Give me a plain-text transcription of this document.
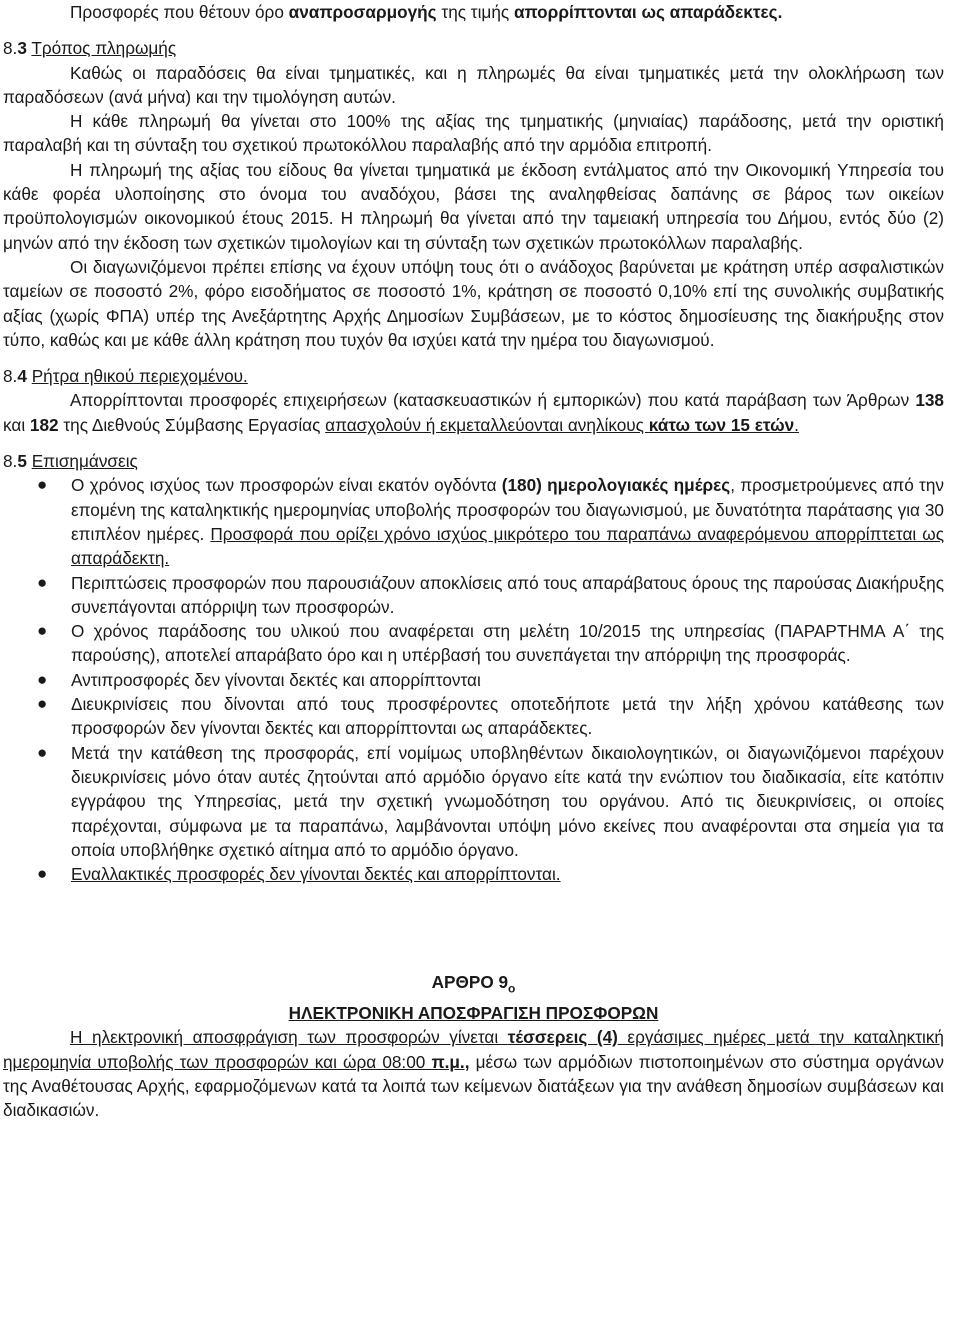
Προσφορές που θέτουν όρο αναπροσαρμογής της τιμής απορρίπτονται ως απαράδεκτες.

8.3 Τρόπος πληρωμής

Καθώς οι παραδόσεις θα είναι τμηματικές, και η πληρωμές θα είναι τμηματικές μετά την ολοκλήρωση των παραδόσεων (ανά μήνα) και την τιμολόγηση αυτών.

Η κάθε πληρωμή θα γίνεται στο 100% της αξίας της τμηματικής (μηνιαίας) παράδοσης, μετά την οριστική παραλαβή και τη σύνταξη του σχετικού πρωτοκόλλου παραλαβής από την αρμόδια επιτροπή.

Η πληρωμή της αξίας του είδους θα γίνεται τμηματικά με έκδοση εντάλματος από την Οικονομική Υπηρεσία του κάθε φορέα υλοποίησης στο όνομα του αναδόχου, βάσει της αναληφθείσας δαπάνης σε βάρος των οικείων προϋπολογισμών οικονομικού έτους 2015. Η πληρωμή θα γίνεται από την ταμειακή υπηρεσία του Δήμου, εντός δύο (2) μηνών από την έκδοση των σχετικών τιμολογίων και τη σύνταξη των σχετικών πρωτοκόλλων παραλαβής.

Οι διαγωνιζόμενοι πρέπει επίσης να έχουν υπόψη τους ότι ο ανάδοχος βαρύνεται με κράτηση υπέρ ασφαλιστικών ταμείων σε ποσοστό 2%, φόρο εισοδήματος σε ποσοστό 1%, κράτηση σε ποσοστό 0,10% επί της συνολικής συμβατικής αξίας (χωρίς ΦΠΑ) υπέρ της Ανεξάρτητης Αρχής Δημοσίων Συμβάσεων, με το κόστος δημοσίευσης της διακήρυξης στον τύπο, καθώς και με κάθε άλλη κράτηση που τυχόν θα ισχύει κατά την ημέρα του διαγωνισμού.

8.4 Ρήτρα ηθικού περιεχομένου.

Απορρίπτονται προσφορές επιχειρήσεων (κατασκευαστικών ή εμπορικών) που κατά παράβαση των Άρθρων 138 και 182 της Διεθνούς Σύμβασης Εργασίας απασχολούν ή εκμεταλλεύονται ανηλίκους κάτω των 15 ετών.

8.5 Επισημάνσεις

● Ο χρόνος ισχύος των προσφορών είναι εκατόν ογδόντα (180) ημερολογιακές ημέρες, προσμετρούμενες από την επομένη της καταληκτικής ημερομηνίας υποβολής προσφορών του διαγωνισμού, με δυνατότητα παράτασης για 30 επιπλέον ημέρες. Προσφορά που ορίζει χρόνο ισχύος μικρότερο του παραπάνω αναφερόμενου απορρίπτεται ως απαράδεκτη.
● Περιπτώσεις προσφορών που παρουσιάζουν αποκλίσεις από τους απαράβατους όρους της παρούσας Διακήρυξης συνεπάγονται απόρριψη των προσφορών.
● Ο χρόνος παράδοσης του υλικού που αναφέρεται στη μελέτη 10/2015 της υπηρεσίας (ΠΑΡΑΡΤΗΜΑ Α΄ της παρούσης), αποτελεί απαράβατο όρο και η υπέρβασή του συνεπάγεται την απόρριψη της προσφοράς.
● Αντιπροσφορές δεν γίνονται δεκτές και απορρίπτονται
● Διευκρινίσεις που δίνονται από τους προσφέροντες οποτεδήποτε μετά την λήξη χρόνου κατάθεσης των προσφορών δεν γίνονται δεκτές και απορρίπτονται ως απαράδεκτες.
● Μετά την κατάθεση της προσφοράς, επί νομίμως υποβληθέντων δικαιολογητικών, οι διαγωνιζόμενοι παρέχουν διευκρινίσεις μόνο όταν αυτές ζητούνται από αρμόδιο όργανο είτε κατά την ενώπιον του διαδικασία, είτε κατόπιν εγγράφου της Υπηρεσίας, μετά την σχετική γνωμοδότηση του οργάνου. Από τις διευκρινίσεις, οι οποίες παρέχονται, σύμφωνα με τα παραπάνω, λαμβάνονται υπόψη μόνο εκείνες που αναφέρονται στα σημεία για τα οποία υποβλήθηκε σχετικό αίτημα από το αρμόδιο όργανο.
● Εναλλακτικές προσφορές δεν γίνονται δεκτές και απορρίπτονται.

ΑΡΘΡΟ $9_o$

ΗΛΕΚΤΡΟΝΙΚΗ ΑΠΟΣΦΡΑΓΙΣΗ ΠΡΟΣΦΟΡΩΝ

Η ηλεκτρονική αποσφράγιση των προσφορών γίνεται τέσσερεις (4) εργάσιμες ημέρες μετά την καταληκτική ημερομηνία υποβολής των προσφορών και ώρα 08:00 π.μ., μέσω των αρμόδιων πιστοποιημένων στο σύστημα οργάνων της Αναθέτουσας Αρχής, εφαρμοζόμενων κατά τα λοιπά των κείμενων διατάξεων για την ανάθεση δημοσίων συμβάσεων και διαδικασιών.
